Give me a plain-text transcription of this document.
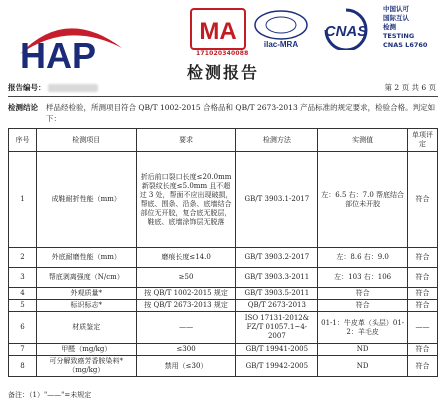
HAP
MA	ilac-MRA
CNAS
171020340088
中国认可
国际互认
检测
TESTING
CNAS L6760
检测报告
报告编号：	第 2 页 共 6 页
检测结论	样品经检验，所测项目符合 QB/T 1002-2015 合格品和 QB/T 2673-2013 产品标准的规定要求，检验合格。判定如下：
序号	检测项目	要求	检测方法	实测值	单项评定
1	成鞋耐折性能（mm）	折后前口裂口长度≤20.0mm 新裂纹长度≤5.0mm 且不超过 3 处，帮面不应出现破损，帮底、围条、沿条、底墙结合部位无开胶，复合底无脱层，鞋底、底墙涂饰层无脱落	GB/T 3903.1-2017	左：6.5 右：7.0 帮底结合部位未开胶	符合
2	外底耐磨性能（mm）	磨痕长度≤14.0	GB/T 3903.2-2017	左：8.6 右：9.0	符合
3	帮底剥离强度（N/cm）	≥50	GB/T 3903.3-2011	左：103 右：106	符合
4	外观质量*	按 QB/T 1002-2015 规定	GB/T 3903.5-2011	符合	符合
5	标识标志*	按 QB/T 2673-2013 规定	QB/T 2673-2013	符合	符合
6	材质鉴定	——	ISO 17131-2012& FZ/T 01057.1~4-2007	01-1：牛皮革（头层）01-2：羊毛皮	——
7	甲醛（mg/kg）	≤300	GB/T 19941-2005	ND	符合
8	可分解致癌芳香胺染料*（mg/kg）	禁用（≤30）	GB/T 19942-2005	ND	符合
备注：（1）"——"=未规定
